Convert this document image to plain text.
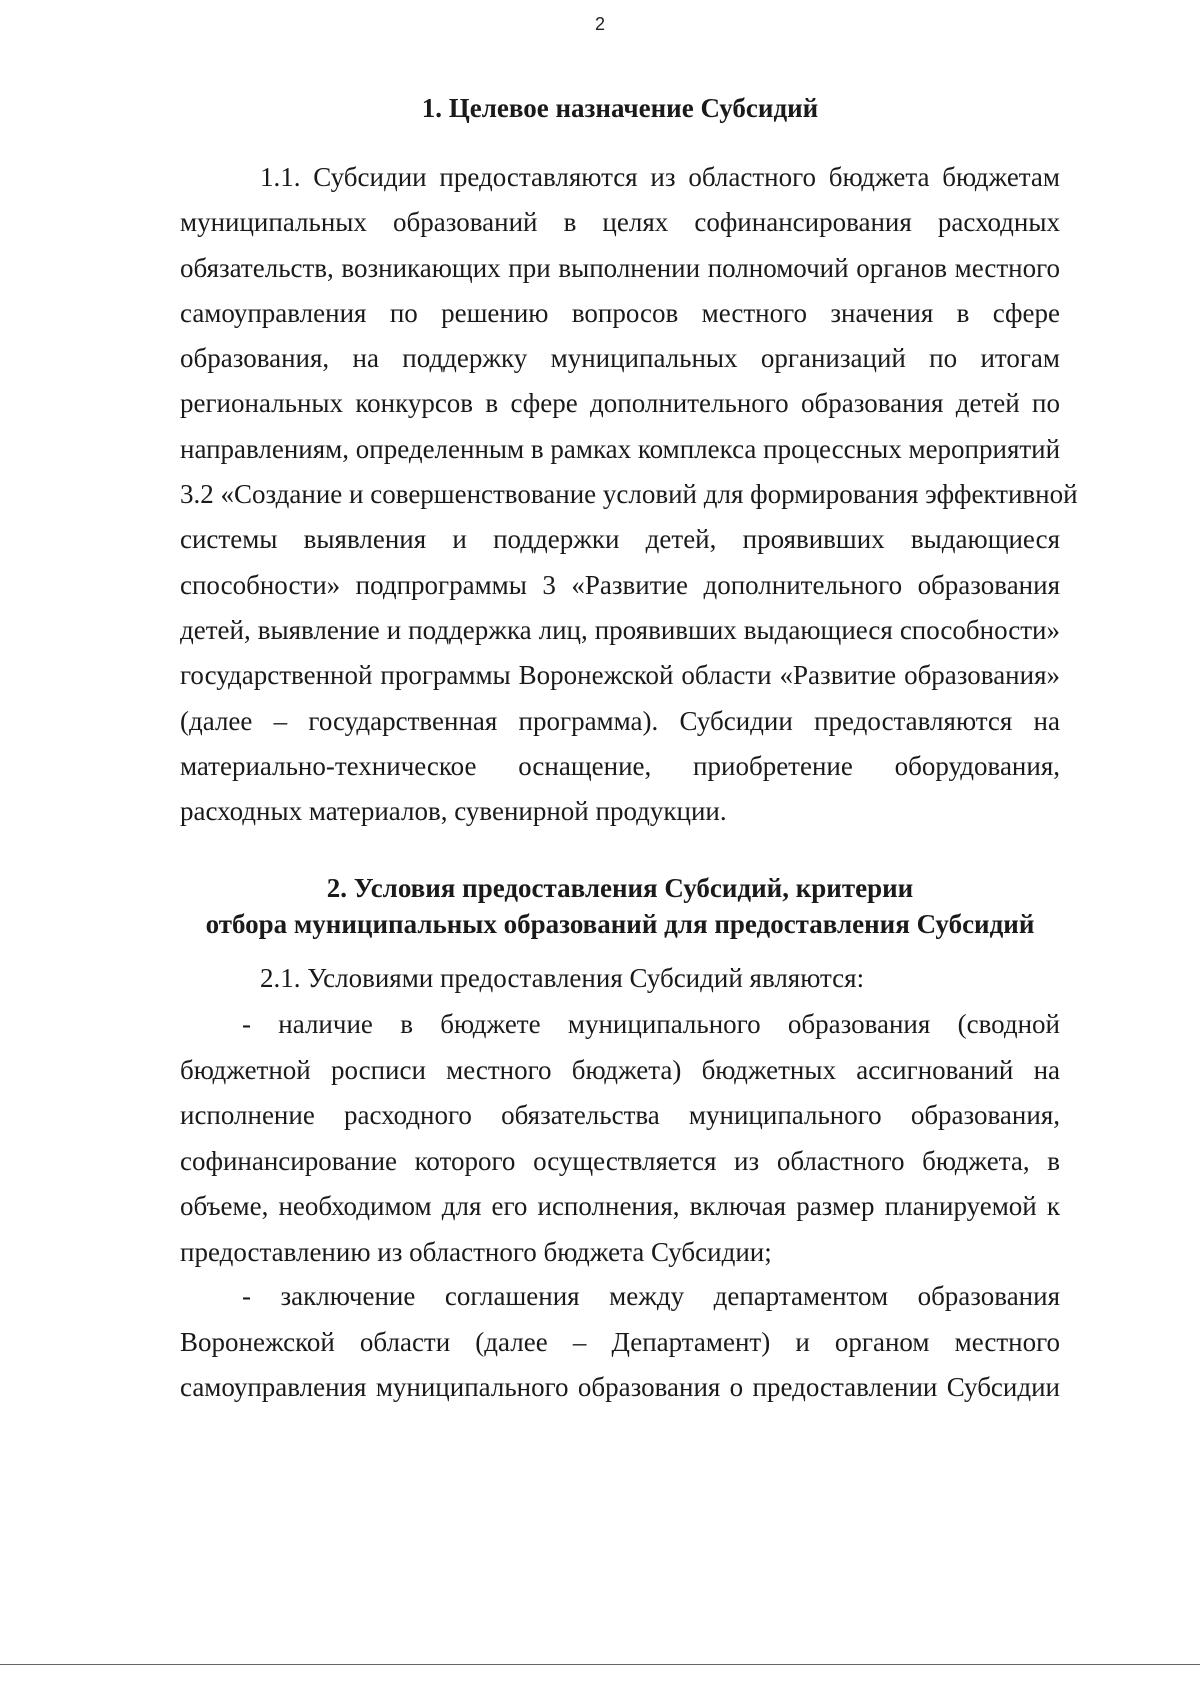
2
1. Целевое назначение Субсидий
1.1. Субсидии предоставляются из областного бюджета бюджетам
муниципальных образований в целях софинансирования расходных
обязательств, возникающих при выполнении полномочий органов местного
самоуправления по решению вопросов местного значения в сфере
образования, на поддержку муниципальных организаций по итогам
региональных конкурсов в сфере дополнительного образования детей по
направлениям, определенным в рамках комплекса процессных мероприятий
3.2 «Создание и совершенствование условий для формирования эффективной
системы выявления и поддержки детей, проявивших выдающиеся
способности» подпрограммы 3 «Развитие дополнительного образования
детей, выявление и поддержка лиц, проявивших выдающиеся способности»
государственной программы Воронежской области «Развитие образования»
(далее – государственная программа). Субсидии предоставляются на
материально-техническое оснащение, приобретение оборудования,
расходных материалов, сувенирной продукции.
2. Условия предоставления Субсидий, критерии
отбора муниципальных образований для предоставления Субсидий
2.1. Условиями предоставления Субсидий являются:
- наличие в бюджете муниципального образования (сводной
бюджетной росписи местного бюджета) бюджетных ассигнований на
исполнение расходного обязательства муниципального образования,
софинансирование которого осуществляется из областного бюджета, в
объеме, необходимом для его исполнения, включая размер планируемой к
предоставлению из областного бюджета Субсидии;
- заключение соглашения между департаментом образования
Воронежской области (далее – Департамент) и органом местного
самоуправления муниципального образования о предоставлении Субсидии
